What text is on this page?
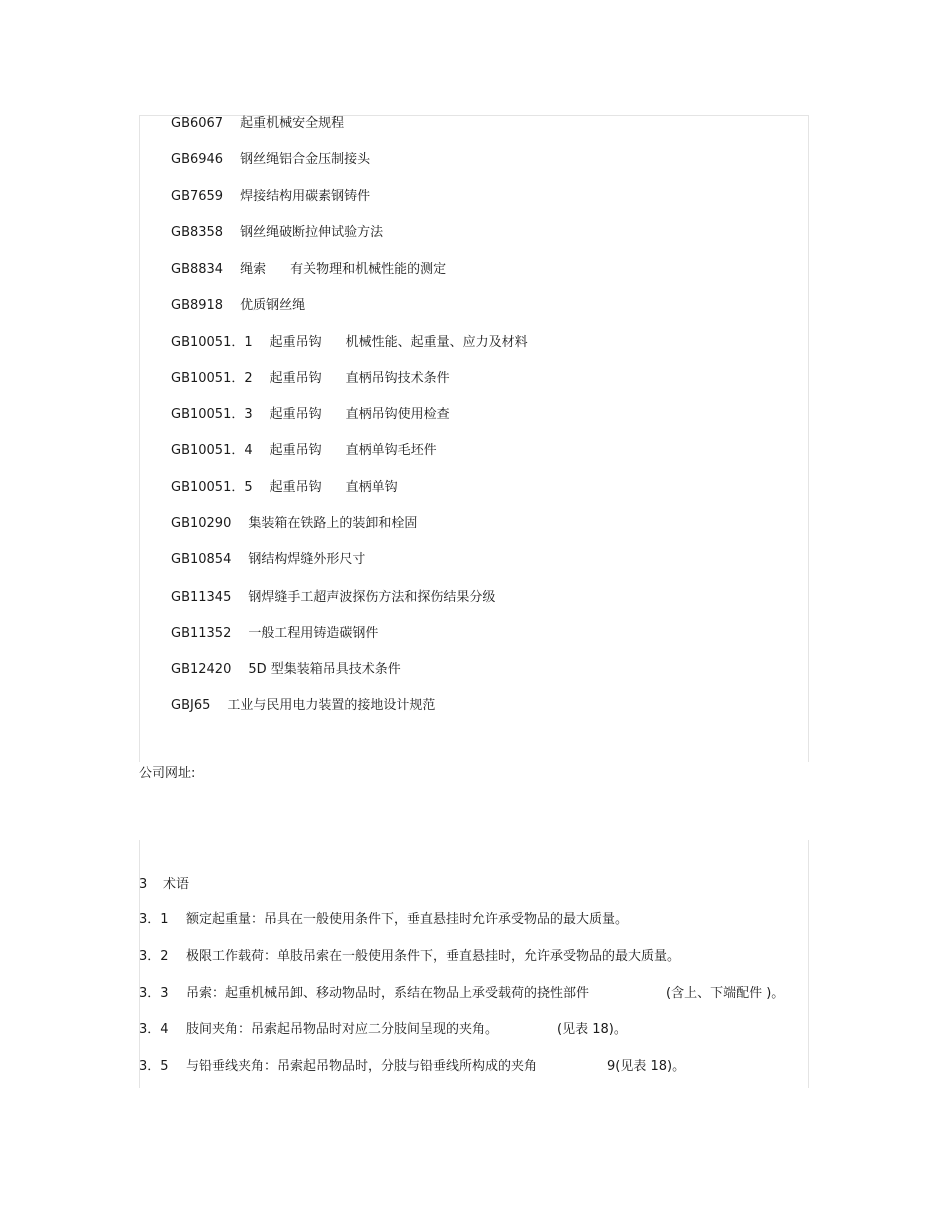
GB6067 起重机械安全规程
GB6946 钢丝绳铝合金压制接头
GB7659 焊接结构用碳素钢铸件
GB8358 钢丝绳破断拉伸试验方法
GB8834 绳索 有关物理和机械性能的测定
GB8918 优质钢丝绳
GB10051．1 起重吊钩 机械性能、起重量、应力及材料
GB10051．2 起重吊钩 直柄吊钩技术条件
GB10051．3 起重吊钩 直柄吊钩使用检查
GB10051．4 起重吊钩 直柄单钩毛坯件
GB10051．5 起重吊钩 直柄单钩
GB10290 集装箱在铁路上的装卸和栓固
GB10854 钢结构焊缝外形尺寸
GB11345 钢焊缝手工超声波探伤方法和探伤结果分级
GB11352 一般工程用铸造碳钢件
GB12420 5D 型集装箱吊具技术条件
GBJ65 工业与民用电力装置的接地设计规范
公司网址:
3 术语
3．1 额定起重量：吊具在一般使用条件下，垂直悬挂时允许承受物品的最大质量。
3．2 极限工作载荷：单肢吊索在一般使用条件下，垂直悬挂时，允许承受物品的最大质量。
3．3 吊索：起重机械吊卸、移动物品时，系结在物品上承受载荷的挠性部件	(含上、下端配件 )。
3．4 肢间夹角：吊索起吊物品时对应二分肢间呈现的夹角。	(见表 18)。
3．5 与铅垂线夹角：吊索起吊物品时，分肢与铅垂线所构成的夹角	9(见表 18)。
